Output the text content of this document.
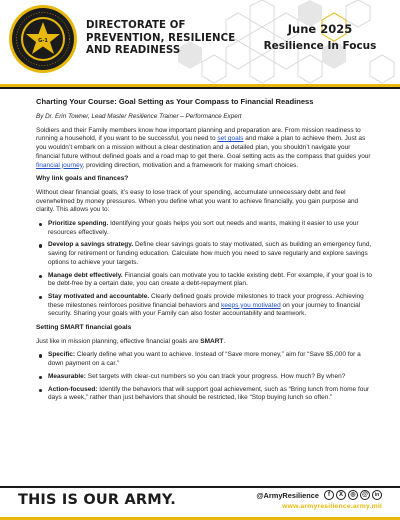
G-1
DIRECTORATE OF
PREVENTION, RESILIENCE
AND READINESS
June 2025
Resilience In Focus
Charting Your Course: Goal Setting as Your Compass to Financial Readiness

By Dr. Erin Towner, Lead Master Resilience Trainer – Performance Expert

Soldiers and their Family members know how important planning and preparation are. From mission readiness to running a household, if you want to be successful, you need to set goals and make a plan to achieve them. Just as you wouldn’t embark on a mission without a clear destination and a detailed plan, you shouldn’t navigate your financial future without defined goals and a road map to get there. Goal setting acts as the compass that guides your financial journey, providing direction, motivation and a framework for making smart choices.

Why link goals and finances?

Without clear financial goals, it’s easy to lose track of your spending, accumulate unnecessary debt and feel overwhelmed by money pressures. When you define what you want to achieve financially, you gain purpose and clarity. This allows you to:

Prioritize spending. Identifying your goals helps you sort out needs and wants, making it easier to use your resources effectively.
Develop a savings strategy. Define clear savings goals to stay motivated, such as building an emergency fund, saving for retirement or funding education. Calculate how much you need to save regularly and explore savings options to achieve your targets.
Manage debt effectively. Financial goals can motivate you to tackle existing debt. For example, if your goal is to be debt-free by a certain date, you can create a debt-repayment plan.
Stay motivated and accountable. Clearly defined goals provide milestones to track your progress. Achieving these milestones reinforces positive financial behaviors and keeps you motivated on your journey to financial security. Sharing your goals with your Family can also foster accountability and teamwork.
Setting SMART financial goals

Just like in mission planning, effective financial goals are SMART.

Specific: Clearly define what you want to achieve. Instead of “Save more money,” aim for “Save $5,000 for a down payment on a car.”
Measurable: Set targets with clear-cut numbers so you can track your progress. How much? By when?
Action-focused: Identify the behaviors that will support goal achievement, such as “Bring lunch from home four days a week,” rather than just behaviors that should be restricted, like “Stop buying lunch so often.”
THIS IS OUR ARMY.	@ArmyResilience	f	X	◎	@	in
www.armyresilience.army.mil
